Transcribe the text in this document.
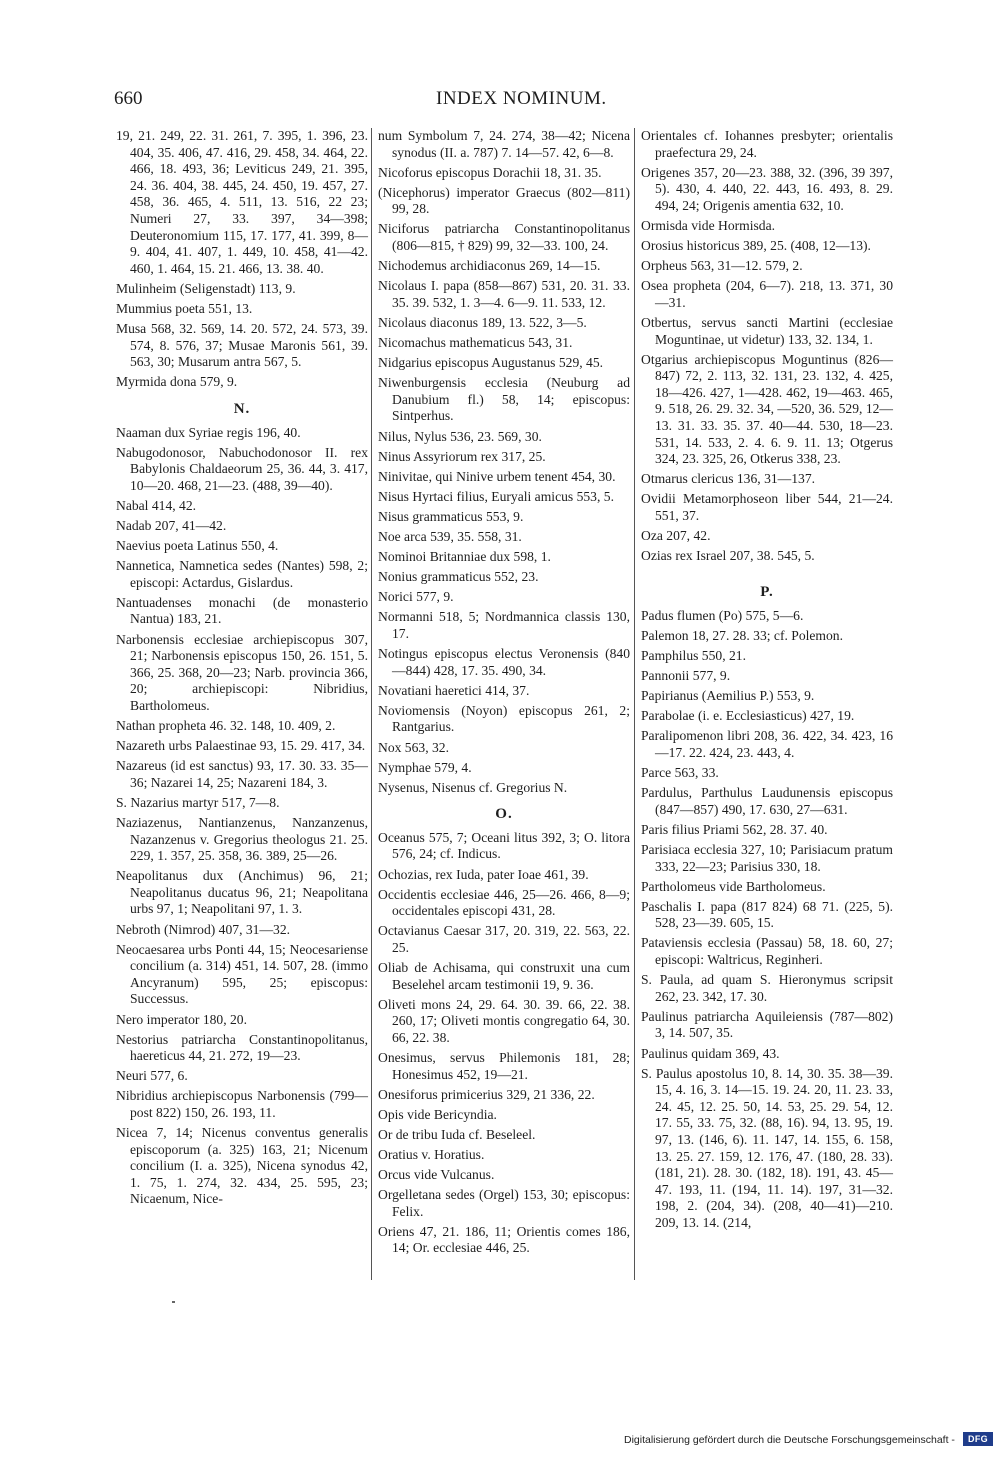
660	INDEX NOMINUM.
19, 21. 249, 22. 31. 261, 7. 395, 1. 396, 23. 404, 35. 406, 47. 416, 29. 458, 34. 464, 22. 466, 18. 493, 36; Leviticus 249, 21. 395, 24. 36. 404, 38. 445, 24. 450, 19. 457, 27. 458, 36. 465, 4. 511, 13. 516, 22 23; Numeri 27, 33. 397, 34—398; Deuteronomium 115, 17. 177, 41. 399, 8—9. 404, 41. 407, 1. 449, 10. 458, 41—42. 460, 1. 464, 15. 21. 466, 13. 38. 40.
Mulinheim (Seligenstadt) 113, 9.
Mummius poeta 551, 13.
Musa 568, 32. 569, 14. 20. 572, 24. 573, 39. 574, 8. 576, 37; Musae Maronis 561, 39. 563, 30; Musarum antra 567, 5.
Myrmida dona 579, 9.
N.
Naaman dux Syriae regis 196, 40.
Nabugodonosor, Nabuchodonosor II. rex Babylonis Chaldaeorum 25, 36. 44, 3. 417, 10—20. 468, 21—23. (488, 39—40).
Nabal 414, 42.
Nadab 207, 41—42.
Naevius poeta Latinus 550, 4.
Nannetica, Namnetica sedes (Nantes) 598, 2; episcopi: Actardus, Gislardus.
Nantuadenses monachi (de monasterio Nantua) 183, 21.
Narbonensis ecclesiae archiepiscopus 307, 21; Narbonensis episcopus 150, 26. 151, 5. 366, 25. 368, 20—23; Narb. provincia 366, 20; archiepiscopi: Nibridius, Bartholomeus.
Nathan propheta 46. 32. 148, 10. 409, 2.
Nazareth urbs Palaestinae 93, 15. 29. 417, 34.
Nazareus (id est sanctus) 93, 17. 30. 33. 35—36; Nazarei 14, 25; Nazareni 184, 3.
S. Nazarius martyr 517, 7—8.
Naziazenus, Nantianzenus, Nanzanzenus, Nazanzenus v. Gregorius theologus 21. 25. 229, 1. 357, 25. 358, 36. 389, 25—26.
Neapolitanus dux (Anchimus) 96, 21; Neapolitanus ducatus 96, 21; Neapolitana urbs 97, 1; Neapolitani 97, 1. 3.
Nebroth (Nimrod) 407, 31—32.
Neocaesarea urbs Ponti 44, 15; Neocesariense concilium (a. 314) 451, 14. 507, 28. (immo Ancyranum) 595, 25; episcopus: Successus.
Nero imperator 180, 20.
Nestorius patriarcha Constantinopolitanus, haereticus 44, 21. 272, 19—23.
Neuri 577, 6.
Nibridius archiepiscopus Narbonensis (799—post 822) 150, 26. 193, 11.
Nicea 7, 14; Nicenus conventus generalis episcoporum (a. 325) 163, 21; Nicenum concilium (I. a. 325), Nicena synodus 42, 1. 75, 1. 274, 32. 434, 25. 595, 23; Nicaenum, Nice-
num Symbolum 7, 24. 274, 38—42; Nicena synodus (II. a. 787) 7. 14—57. 42, 6—8.
Nicoforus episcopus Dorachii 18, 31. 35.
(Nicephorus) imperator Graecus (802—811) 99, 28.
Niciforus patriarcha Constantinopolitanus (806—815, † 829) 99, 32—33. 100, 24.
Nichodemus archidiaconus 269, 14—15.
Nicolaus I. papa (858—867) 531, 20. 31. 33. 35. 39. 532, 1. 3—4. 6—9. 11. 533, 12.
Nicolaus diaconus 189, 13. 522, 3—5.
Nicomachus mathematicus 543, 31.
Nidgarius episcopus Augustanus 529, 45.
Niwenburgensis ecclesia (Neuburg ad Danubium fl.) 58, 14; episcopus: Sintperhus.
Nilus, Nylus 536, 23. 569, 30.
Ninus Assyriorum rex 317, 25.
Ninivitae, qui Ninive urbem tenent 454, 30.
Nisus Hyrtaci filius, Euryali amicus 553, 5.
Nisus grammaticus 553, 9.
Noe arca 539, 35. 558, 31.
Nominoi Britanniae dux 598, 1.
Nonius grammaticus 552, 23.
Norici 577, 9.
Normanni 518, 5; Nordmannica classis 130, 17.
Notingus episcopus electus Veronensis (840—844) 428, 17. 35. 490, 34.
Novatiani haeretici 414, 37.
Noviomensis (Noyon) episcopus 261, 2; Rantgarius.
Nox 563, 32.
Nymphae 579, 4.
Nysenus, Nisenus cf. Gregorius N.
O.
Oceanus 575, 7; Oceani litus 392, 3; O. litora 576, 24; cf. Indicus.
Ochozias, rex Iuda, pater Ioae 461, 39.
Occidentis ecclesiae 446, 25—26. 466, 8—9; occidentales episcopi 431, 28.
Octavianus Caesar 317, 20. 319, 22. 563, 22. 25.
Oliab de Achisama, qui construxit una cum Beselehel arcam testimonii 19, 9. 36.
Oliveti mons 24, 29. 64. 30. 39. 66, 22. 38. 260, 17; Oliveti montis congregatio 64, 30. 66, 22. 38.
Onesimus, servus Philemonis 181, 28; Honesimus 452, 19—21.
Onesiforus primicerius 329, 21 336, 22.
Opis vide Bericyndia.
Or de tribu Iuda cf. Beseleel.
Oratius v. Horatius.
Orcus vide Vulcanus.
Orgelletana sedes (Orgel) 153, 30; episcopus: Felix.
Oriens 47, 21. 186, 11; Orientis comes 186, 14; Or. ecclesiae 446, 25.
Orientales cf. Iohannes presbyter; orientalis praefectura 29, 24.
Origenes 357, 20—23. 388, 32. (396, 39 397, 5). 430, 4. 440, 22. 443, 16. 493, 8. 29. 494, 24; Origenis amentia 632, 10.
Ormisda vide Hormisda.
Orosius historicus 389, 25. (408, 12—13).
Orpheus 563, 31—12. 579, 2.
Osea propheta (204, 6—7). 218, 13. 371, 30—31.
Otbertus, servus sancti Martini (ecclesiae Moguntinae, ut videtur) 133, 32. 134, 1.
Otgarius archiepiscopus Moguntinus (826—847) 72, 2. 113, 32. 131, 23. 132, 4. 425, 18—426. 427, 1—428. 462, 19—463. 465, 9. 518, 26. 29. 32. 34, —520, 36. 529, 12—13. 31. 33. 35. 37. 40—44. 530, 18—23. 531, 14. 533, 2. 4. 6. 9. 11. 13; Otgerus 324, 23. 325, 26, Otkerus 338, 23.
Otmarus clericus 136, 31—137.
Ovidii Metamorphoseon liber 544, 21—24. 551, 37.
Oza 207, 42.
Ozias rex Israel 207, 38. 545, 5.
P.
Padus flumen (Po) 575, 5—6.
Palemon 18, 27. 28. 33; cf. Polemon.
Pamphilus 550, 21.
Pannonii 577, 9.
Papirianus (Aemilius P.) 553, 9.
Parabolae (i. e. Ecclesiasticus) 427, 19.
Paralipomenon libri 208, 36. 422, 34. 423, 16—17. 22. 424, 23. 443, 4.
Parce 563, 33.
Pardulus, Parthulus Laudunensis episcopus (847—857) 490, 17. 630, 27—631.
Paris filius Priami 562, 28. 37. 40.
Parisiaca ecclesia 327, 10; Parisiacum pratum 333, 22—23; Parisius 330, 18.
Partholomeus vide Bartholomeus.
Paschalis I. papa (817 824) 68 71. (225, 5). 528, 23—39. 605, 15.
Pataviensis ecclesia (Passau) 58, 18. 60, 27; episcopi: Waltricus, Reginheri.
S. Paula, ad quam S. Hieronymus scripsit 262, 23. 342, 17. 30.
Paulinus patriarcha Aquileiensis (787—802) 3, 14. 507, 35.
Paulinus quidam 369, 43.
S. Paulus apostolus 10, 8. 14, 30. 35. 38—39. 15, 4. 16, 3. 14—15. 19. 24. 20, 11. 23. 33, 24. 45, 12. 25. 50, 14. 53, 25. 29. 54, 12. 17. 55, 33. 75, 32. (88, 16). 94, 13. 95, 19. 97, 13. (146, 6). 11. 147, 14. 155, 6. 158, 13. 25. 27. 159, 12. 176, 47. (180, 28. 33). (181, 21). 28. 30. (182, 18). 191, 43. 45—47. 193, 11. (194, 11. 14). 197, 31—32. 198, 2. (204, 34). (208, 40—41)—210. 209, 13. 14. (214,
Digitalisierung gefördert durch die Deutsche Forschungsgemeinschaft -	DFG
